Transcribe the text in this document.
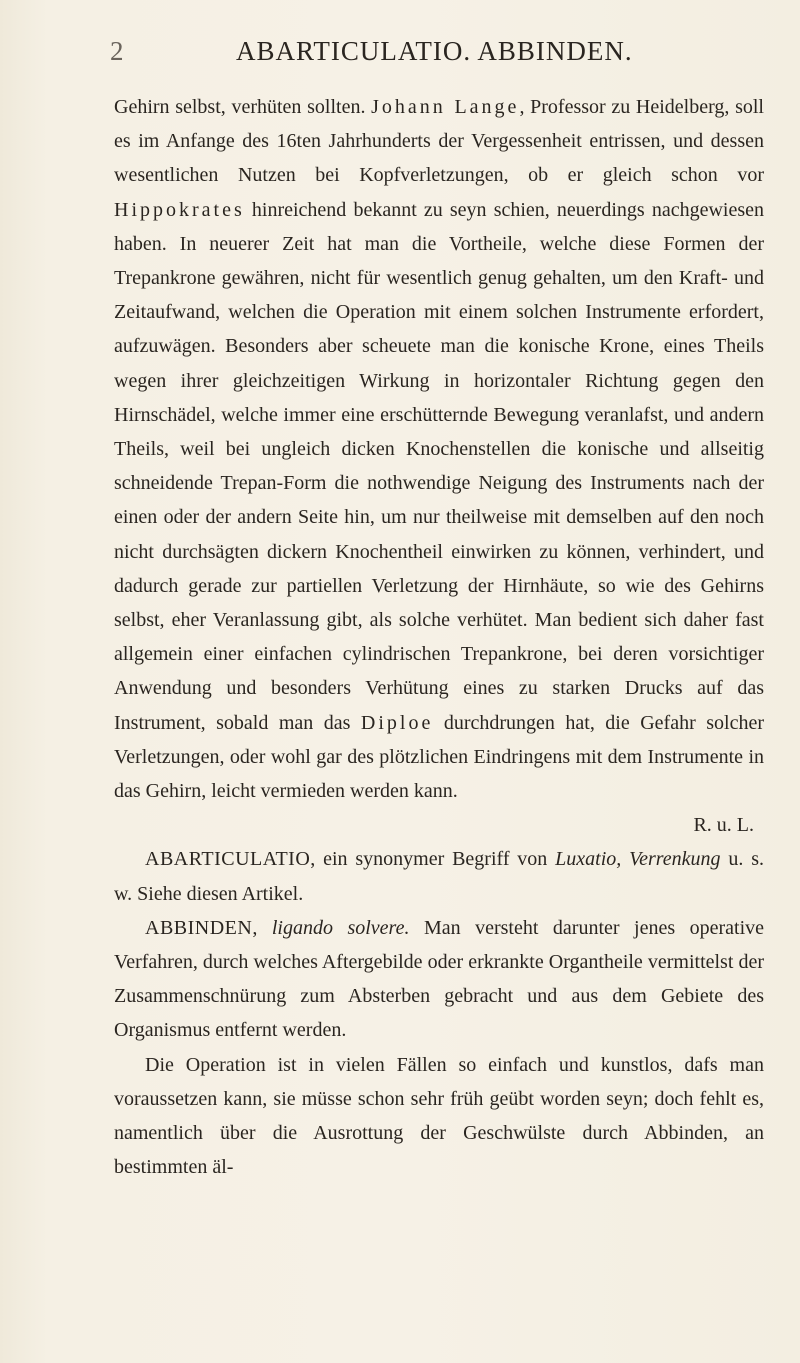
2	ABARTICULATIO. ABBINDEN.

Gehirn selbst, verhüten sollten. Johann Lange, Professor zu Heidelberg, soll es im Anfange des 16ten Jahrhunderts der Vergessenheit entrissen, und dessen wesentlichen Nutzen bei Kopfverletzungen, ob er gleich schon vor Hippokrates hinreichend bekannt zu seyn schien, neuerdings nachgewiesen haben. In neuerer Zeit hat man die Vortheile, welche diese Formen der Trepankrone gewähren, nicht für wesentlich genug gehalten, um den Kraft- und Zeitaufwand, welchen die Operation mit einem solchen Instrumente erfordert, aufzuwägen. Besonders aber scheuete man die konische Krone, eines Theils wegen ihrer gleichzeitigen Wirkung in horizontaler Richtung gegen den Hirnschädel, welche immer eine erschütternde Bewegung veranlafst, und andern Theils, weil bei ungleich dicken Knochenstellen die konische und allseitig schneidende Trepan-Form die nothwendige Neigung des Instruments nach der einen oder der andern Seite hin, um nur theilweise mit demselben auf den noch nicht durchsägten dickern Knochentheil einwirken zu können, verhindert, und dadurch gerade zur partiellen Verletzung der Hirnhäute, so wie des Gehirns selbst, eher Veranlassung gibt, als solche verhütet. Man bedient sich daher fast allgemein einer einfachen cylindrischen Trepankrone, bei deren vorsichtiger Anwendung und besonders Verhütung eines zu starken Drucks auf das Instrument, sobald man das Diploe durchdrungen hat, die Gefahr solcher Verletzungen, oder wohl gar des plötzlichen Eindringens mit dem Instrumente in das Gehirn, leicht vermieden werden kann.

R. u. L.

ABARTICULATIO, ein synonymer Begriff von Luxatio, Verrenkung u. s. w. Siehe diesen Artikel.

ABBINDEN, ligando solvere. Man versteht darunter jenes operative Verfahren, durch welches Aftergebilde oder erkrankte Organtheile vermittelst der Zusammenschnürung zum Absterben gebracht und aus dem Gebiete des Organismus entfernt werden.

Die Operation ist in vielen Fällen so einfach und kunstlos, dafs man voraussetzen kann, sie müsse schon sehr früh geübt worden seyn; doch fehlt es, namentlich über die Ausrottung der Geschwülste durch Abbinden, an bestimmten äl-
